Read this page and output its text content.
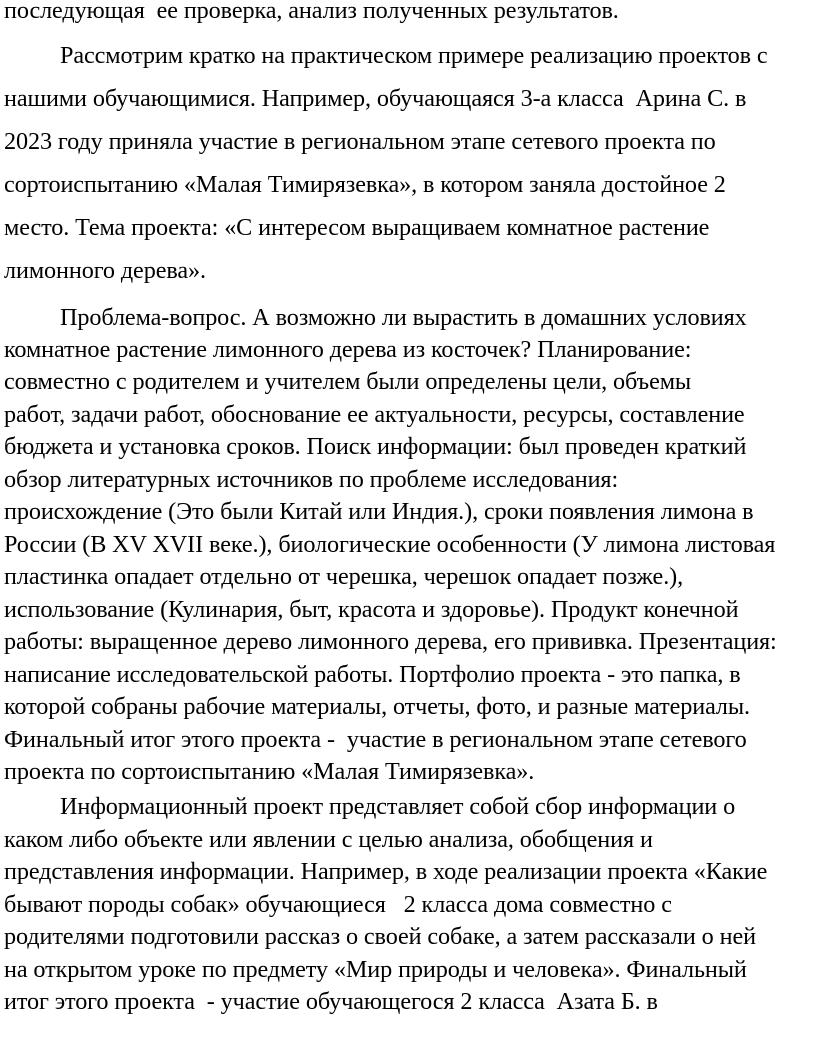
последующая  ее проверка, анализ полученных результатов.
Рассмотрим кратко на практическом примере реализацию проектов с
нашими обучающимися. Например, обучающаяся 3-а класса  Арина С. в
2023 году приняла участие в региональном этапе сетевого проекта по
сортоиспытанию «Малая Тимирязевка», в котором заняла достойное 2
место. Тема проекта: «С интересом выращиваем комнатное растение
лимонного дерева».
Проблема-вопрос. А возможно ли вырастить в домашних условиях
комнатное растение лимонного дерева из косточек? Планирование:
совместно с родителем и учителем были определены цели, объемы
работ, задачи работ, обоснование ее актуальности, ресурсы, составление
бюджета и установка сроков. Поиск информации: был проведен краткий
обзор литературных источников по проблеме исследования:
происхождение (Это были Китай или Индия.), сроки появления лимона в
России (В XV XVII веке.), биологические особенности (У лимона листовая
пластинка опадает отдельно от черешка, черешок опадает позже.),
использование (Кулинария, быт, красота и здоровье). Продукт конечной
работы: выращенное дерево лимонного дерева, его прививка. Презентация:
написание исследовательской работы. Портфолио проекта - это папка, в
которой собраны рабочие материалы, отчеты, фото, и разные материалы.
Финальный итог этого проекта -  участие в региональном этапе сетевого
проекта по сортоиспытанию «Малая Тимирязевка».
Информационный проект представляет собой сбор информации о
каком либо объекте или явлении с целью анализа, обобщения и
представления информации. Например, в ходе реализации проекта «Какие
бывают породы собак» обучающиеся   2 класса дома совместно с
родителями подготовили рассказ о своей собаке, а затем рассказали о ней
на открытом уроке по предмету «Мир природы и человека». Финальный
итог этого проекта  - участие обучающегося 2 класса  Азата Б. в
